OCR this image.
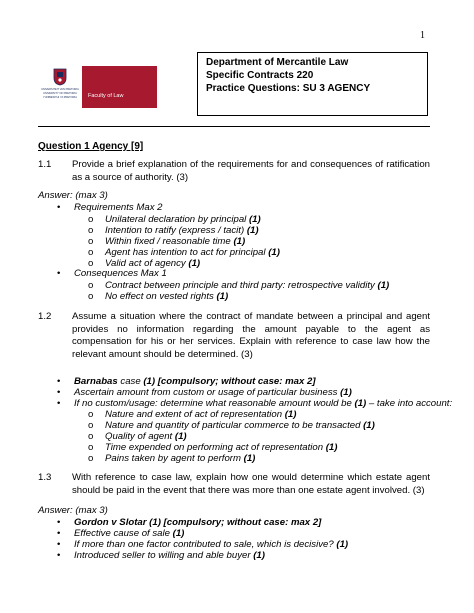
1
UNIVERSITEIT VAN PRETORIA
UNIVERSITY OF PRETORIA
YUNIBESITHI YA PRETORIA	Faculty of Law
Department of Mercantile Law
Specific Contracts 220
Practice Questions: SU 3 AGENCY
Question 1 Agency [9]
1.1 Provide a brief explanation of the requirements for and consequences of ratification as a source of authority. (3)
Answer: (max 3)
• Requirements Max 2
o Unilateral declaration by principal (1)
o Intention to ratify (express / tacit) (1)
o Within fixed / reasonable time (1)
o Agent has intention to act for principal (1)
o Valid act of agency (1)
• Consequences Max 1
o Contract between principle and third party: retrospective validity (1)
o No effect on vested rights (1)
1.2 Assume a situation where the contract of mandate between a principal and agent provides no information regarding the amount payable to the agent as compensation for his or her services. Explain with reference to case law how the relevant amount should be determined. (3)
• Barnabas case (1) [compulsory; without case: max 2]
• Ascertain amount from custom or usage of particular business (1)
• If no custom/usage: determine what reasonable amount would be (1) – take into account:
o Nature and extent of act of representation (1)
o Nature and quantity of particular commerce to be transacted (1)
o Quality of agent (1)
o Time expended on performing act of representation (1)
o Pains taken by agent to perform (1)
1.3 With reference to case law, explain how one would determine which estate agent should be paid in the event that there was more than one estate agent involved. (3)
Answer: (max 3)
• Gordon v Slotar (1) [compulsory; without case: max 2]
• Effective cause of sale (1)
• If more than one factor contributed to sale, which is decisive? (1)
• Introduced seller to willing and able buyer (1)
